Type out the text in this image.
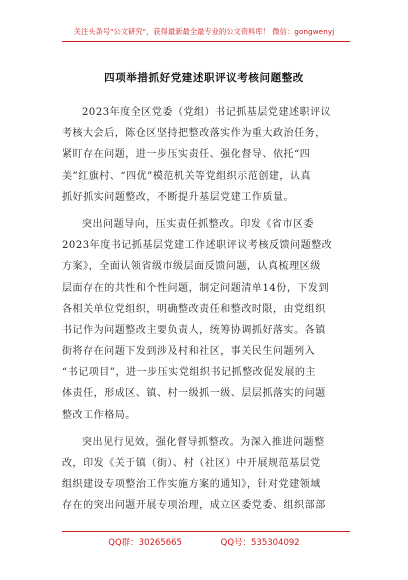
关注头条号"公文研究"，获得最新最全最专业的公文资料库！ 微信：gongwenyj
四项举措抓好党建述职评议考核问题整改
2023年度全区党委（党组）书记抓基层党建述职评议
考核大会后，陈仓区坚持把整改落实作为重大政治任务，
紧盯存在问题，进一步压实责任、强化督导、依托“四
美”红旗村、“四优”模范机关等党组织示范创建，认真
抓好抓实问题整改，不断提升基层党建工作质量。
突出问题导向，压实责任抓整改。印发《省市区委
2023年度书记抓基层党建工作述职评议考核反馈问题整改
方案》，全面认领省级市级层面反馈问题，认真梳理区级
层面存在的共性和个性问题，制定问题清单14份，下发到
各相关单位党组织，明确整改责任和整改时限，由党组织
书记作为问题整改主要负责人，统筹协调抓好落实。各镇
街将存在问题下发到涉及村和社区，事关民生问题列入
“书记项目”，进一步压实党组织书记抓整改促发展的主
体责任，形成区、镇、村一级抓一级、层层抓落实的问题
整改工作格局。
突出见行见效，强化督导抓整改。为深入推进问题整
改，印发《关于镇（街）、村（社区）中开展规范基层党
组织建设专项整治工作实施方案的通知》，针对党建领域
存在的突出问题开展专项治理，成立区委党委、组织部部
QQ群：30265665	QQ号：535304092
